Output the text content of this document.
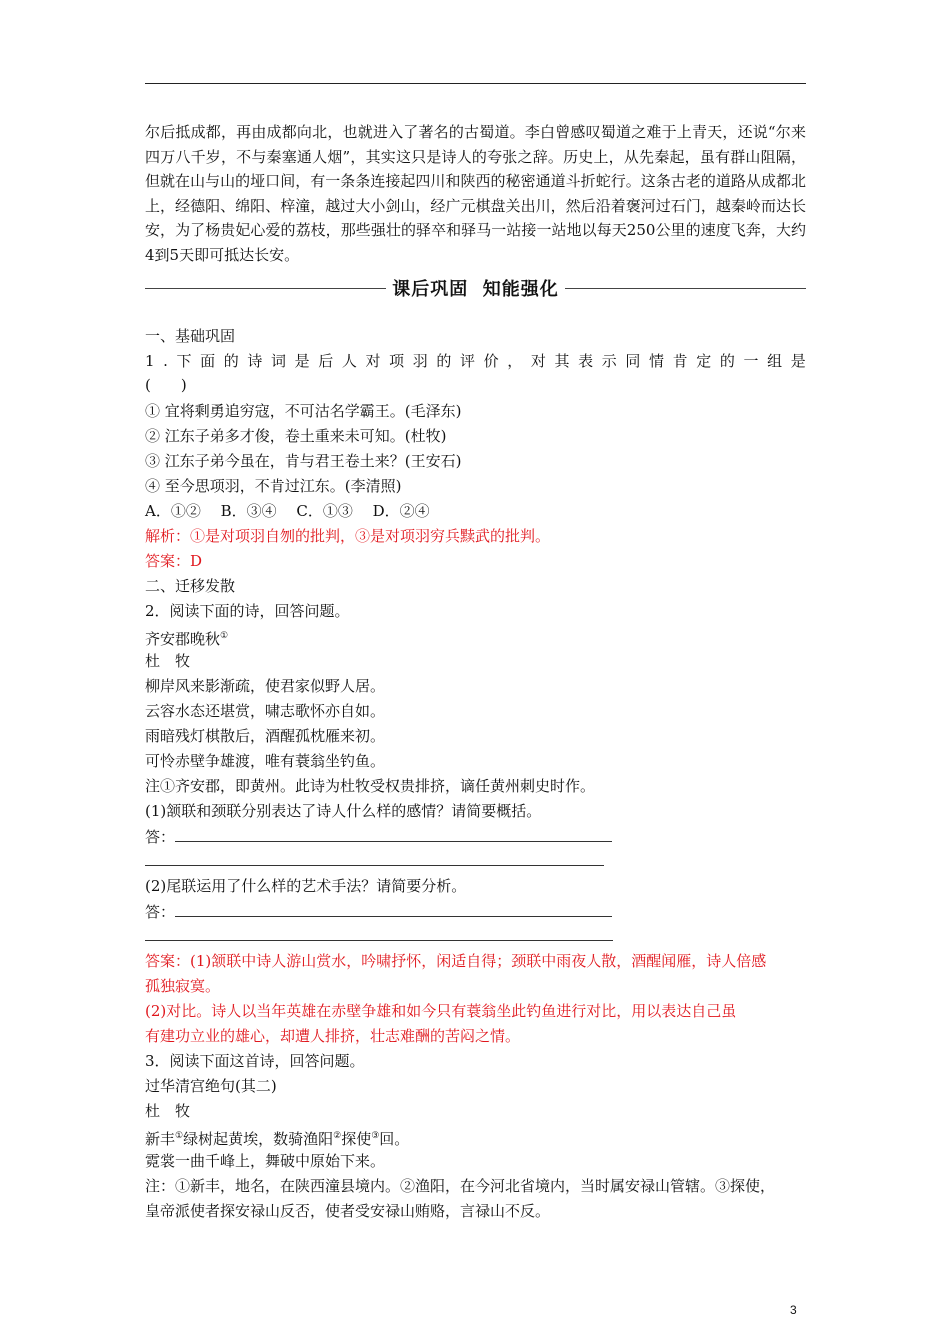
尔后抵成都，再由成都向北，也就进入了著名的古蜀道。李白曾感叹蜀道之难于上青天，还说“尔来四万八千岁，不与秦塞通人烟”，其实这只是诗人的夸张之辞。历史上，从先秦起，虽有群山阻隔，但就在山与山的垭口间，有一条条连接起四川和陕西的秘密通道斗折蛇行。这条古老的道路从成都北上，经德阳、绵阳、梓潼，越过大小剑山，经广元棋盘关出川，然后沿着褒河过石门，越秦岭而达长安，为了杨贵妃心爱的荔枝，那些强壮的驿卒和驿马一站接一站地以每天250公里的速度飞奔，大约4到5天即可抵达长安。

课后巩固  知能强化

一、基础巩固

1 . 下 面 的 诗 词 是 后 人 对 项 羽 的 评 价 ， 对 其 表 示 同 情 肯 定 的 一 组 是

(　　)

① 宜将剩勇追穷寇，不可沽名学霸王。(毛泽东)

② 江东子弟多才俊，卷土重来未可知。(杜牧)

③ 江东子弟今虽在，肯与君王卷土来？(王安石)

④ 至今思项羽，不肯过江东。(李清照)

A．①②　 B．③④　 C．①③　 D．②④

解析：①是对项羽自刎的批判，③是对项羽穷兵黩武的批判。

答案：D

二、迁移发散

2．阅读下面的诗，回答问题。

齐安郡晚秋①

杜　牧

柳岸风来影渐疏，使君家似野人居。

云容水态还堪赏，啸志歌怀亦自如。

雨暗残灯棋散后，酒醒孤枕雁来初。

可怜赤壁争雄渡，唯有蓑翁坐钓鱼。

注①齐安郡，即黄州。此诗为杜牧受权贵排挤，谪任黄州刺史时作。

(1)颔联和颈联分别表达了诗人什么样的感情？请简要概括。

答：

(2)尾联运用了什么样的艺术手法？请简要分析。

答：

答案：(1)颔联中诗人游山赏水，吟啸抒怀，闲适自得；颈联中雨夜人散，酒醒闻雁，诗人倍感

孤独寂寞。

(2)对比。诗人以当年英雄在赤壁争雄和如今只有蓑翁坐此钓鱼进行对比，用以表达自己虽

有建功立业的雄心，却遭人排挤，壮志难酬的苦闷之情。

3．阅读下面这首诗，回答问题。

过华清宫绝句(其二)

杜　牧

新丰①绿树起黄埃，数骑渔阳②探使③回。

霓裳一曲千峰上，舞破中原始下来。

注：①新丰，地名，在陕西潼县境内。②渔阳，在今河北省境内，当时属安禄山管辖。③探使，

皇帝派使者探安禄山反否，使者受安禄山贿赂，言禄山不反。

3
